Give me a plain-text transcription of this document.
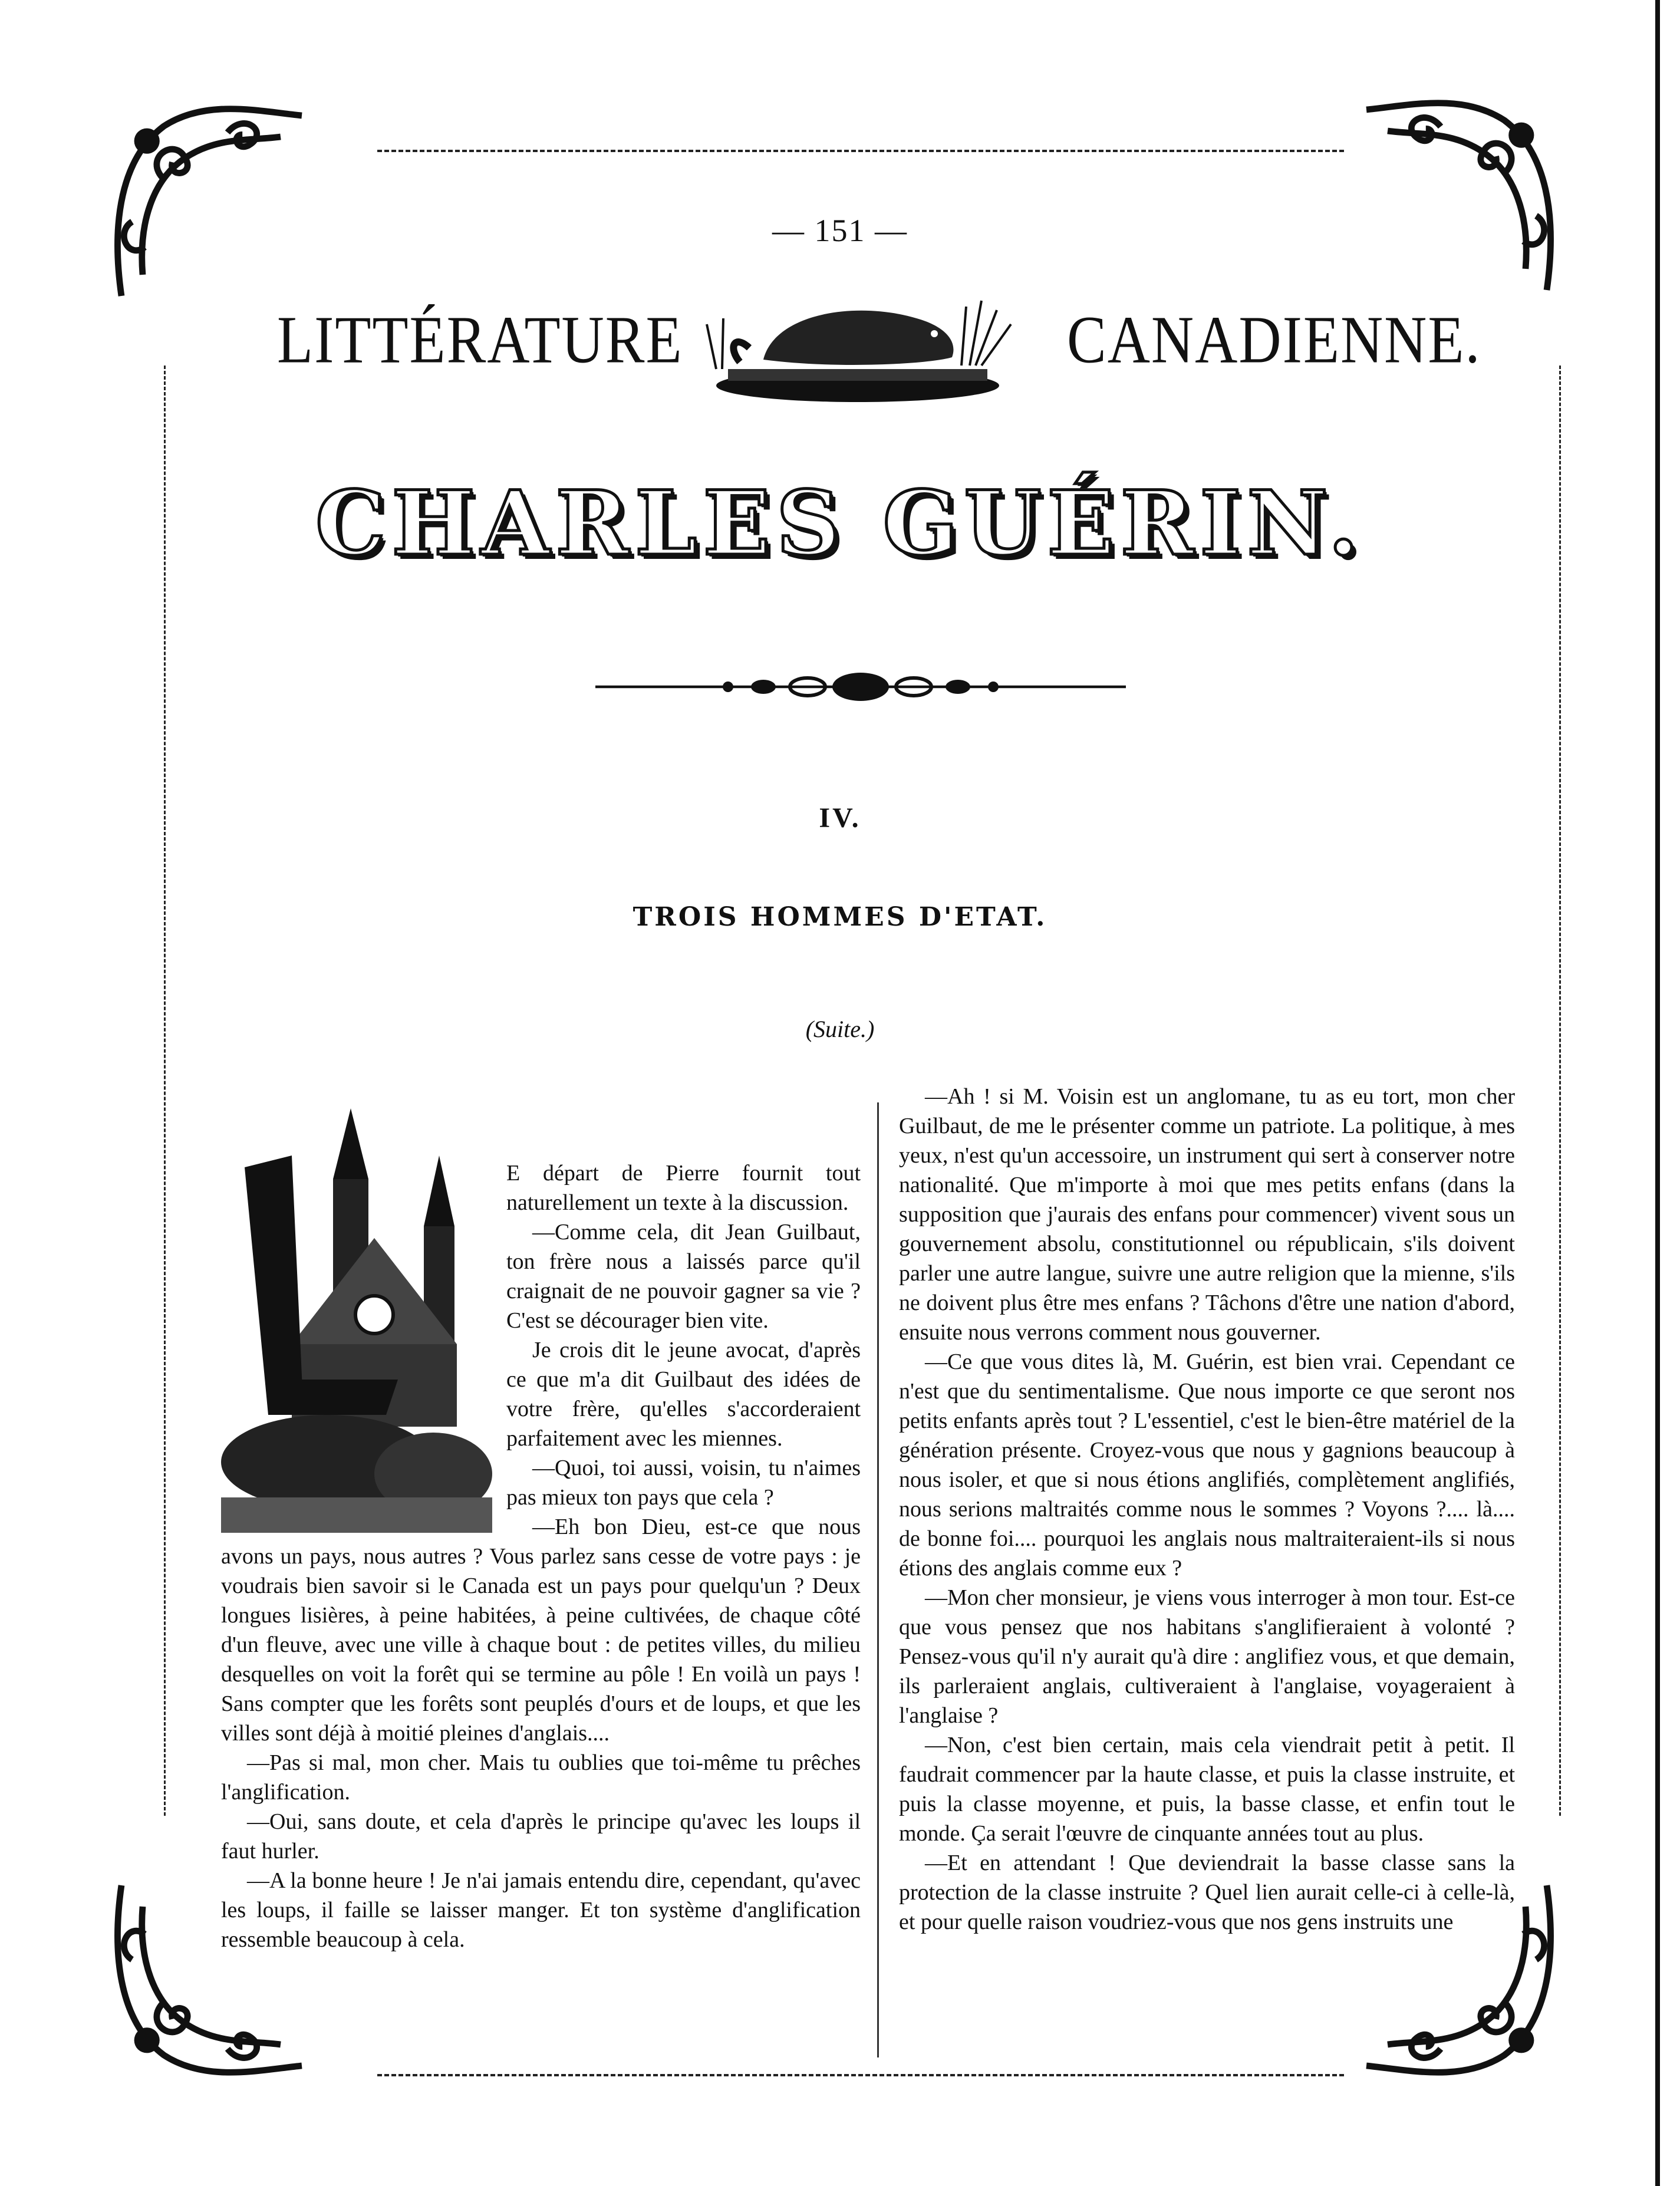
— 151 —
LITTÉRATURE	CANADIENNE.
CHARLES GUÉRIN.
IV.
TROIS HOMMES D'ETAT.
(Suite.)

E départ de Pierre fournit tout naturellement un texte à la discussion.

—Comme cela, dit Jean Guilbaut, ton frère nous a laissés parce qu'il craignait de ne pouvoir gagner sa vie ? C'est se décourager bien vite.

Je crois dit le jeune avocat, d'après ce que m'a dit Guilbaut des idées de votre frère, qu'elles s'accorderaient parfaitement avec les miennes.

—Quoi, toi aussi, voisin, tu n'aimes pas mieux ton pays que cela ?

—Eh bon Dieu, est-ce que nous avons un pays, nous autres ? Vous parlez sans cesse de votre pays : je voudrais bien savoir si le Canada est un pays pour quelqu'un ? Deux longues lisières, à peine habitées, à peine cultivées, de chaque côté d'un fleuve, avec une ville à chaque bout : de petites villes, du milieu desquelles on voit la forêt qui se termine au pôle ! En voilà un pays ! Sans compter que les forêts sont peuplés d'ours et de loups, et que les villes sont déjà à moitié pleines d'anglais....

—Pas si mal, mon cher. Mais tu oublies que toi-même tu prêches l'anglification.

—Oui, sans doute, et cela d'après le principe qu'avec les loups il faut hurler.

—A la bonne heure ! Je n'ai jamais entendu dire, cependant, qu'avec les loups, il faille se laisser manger. Et ton système d'anglification ressemble beaucoup à cela.

—Ah ! si M. Voisin est un anglomane, tu as eu tort, mon cher Guilbaut, de me le présenter comme un patriote. La politique, à mes yeux, n'est qu'un accessoire, un instrument qui sert à conserver notre nationalité. Que m'importe à moi que mes petits enfans (dans la supposition que j'aurais des enfans pour commencer) vivent sous un gouvernement absolu, constitutionnel ou républicain, s'ils doivent parler une autre langue, suivre une autre religion que la mienne, s'ils ne doivent plus être mes enfans ? Tâchons d'être une nation d'abord, ensuite nous verrons comment nous gouverner.

—Ce que vous dites là, M. Guérin, est bien vrai. Cependant ce n'est que du sentimentalisme. Que nous importe ce que seront nos petits enfants après tout ? L'essentiel, c'est le bien-être matériel de la génération présente. Croyez-vous que nous y gagnions beaucoup à nous isoler, et que si nous étions anglifiés, complètement anglifiés, nous serions maltraités comme nous le sommes ? Voyons ?.... là.... de bonne foi.... pourquoi les anglais nous maltraiteraient-ils si nous étions des anglais comme eux ?

—Mon cher monsieur, je viens vous interroger à mon tour. Est-ce que vous pensez que nos habitans s'anglifieraient à volonté ? Pensez-vous qu'il n'y aurait qu'à dire : anglifiez vous, et que demain, ils parleraient anglais, cultiveraient à l'anglaise, voyageraient à l'anglaise ?

—Non, c'est bien certain, mais cela viendrait petit à petit. Il faudrait commencer par la haute classe, et puis la classe instruite, et puis la classe moyenne, et puis, la basse classe, et enfin tout le monde. Ça serait l'œuvre de cinquante années tout au plus.

—Et en attendant ! Que deviendrait la basse classe sans la protection de la classe instruite ? Quel lien aurait celle-ci à celle-là, et pour quelle raison voudriez-vous que nos gens instruits une
